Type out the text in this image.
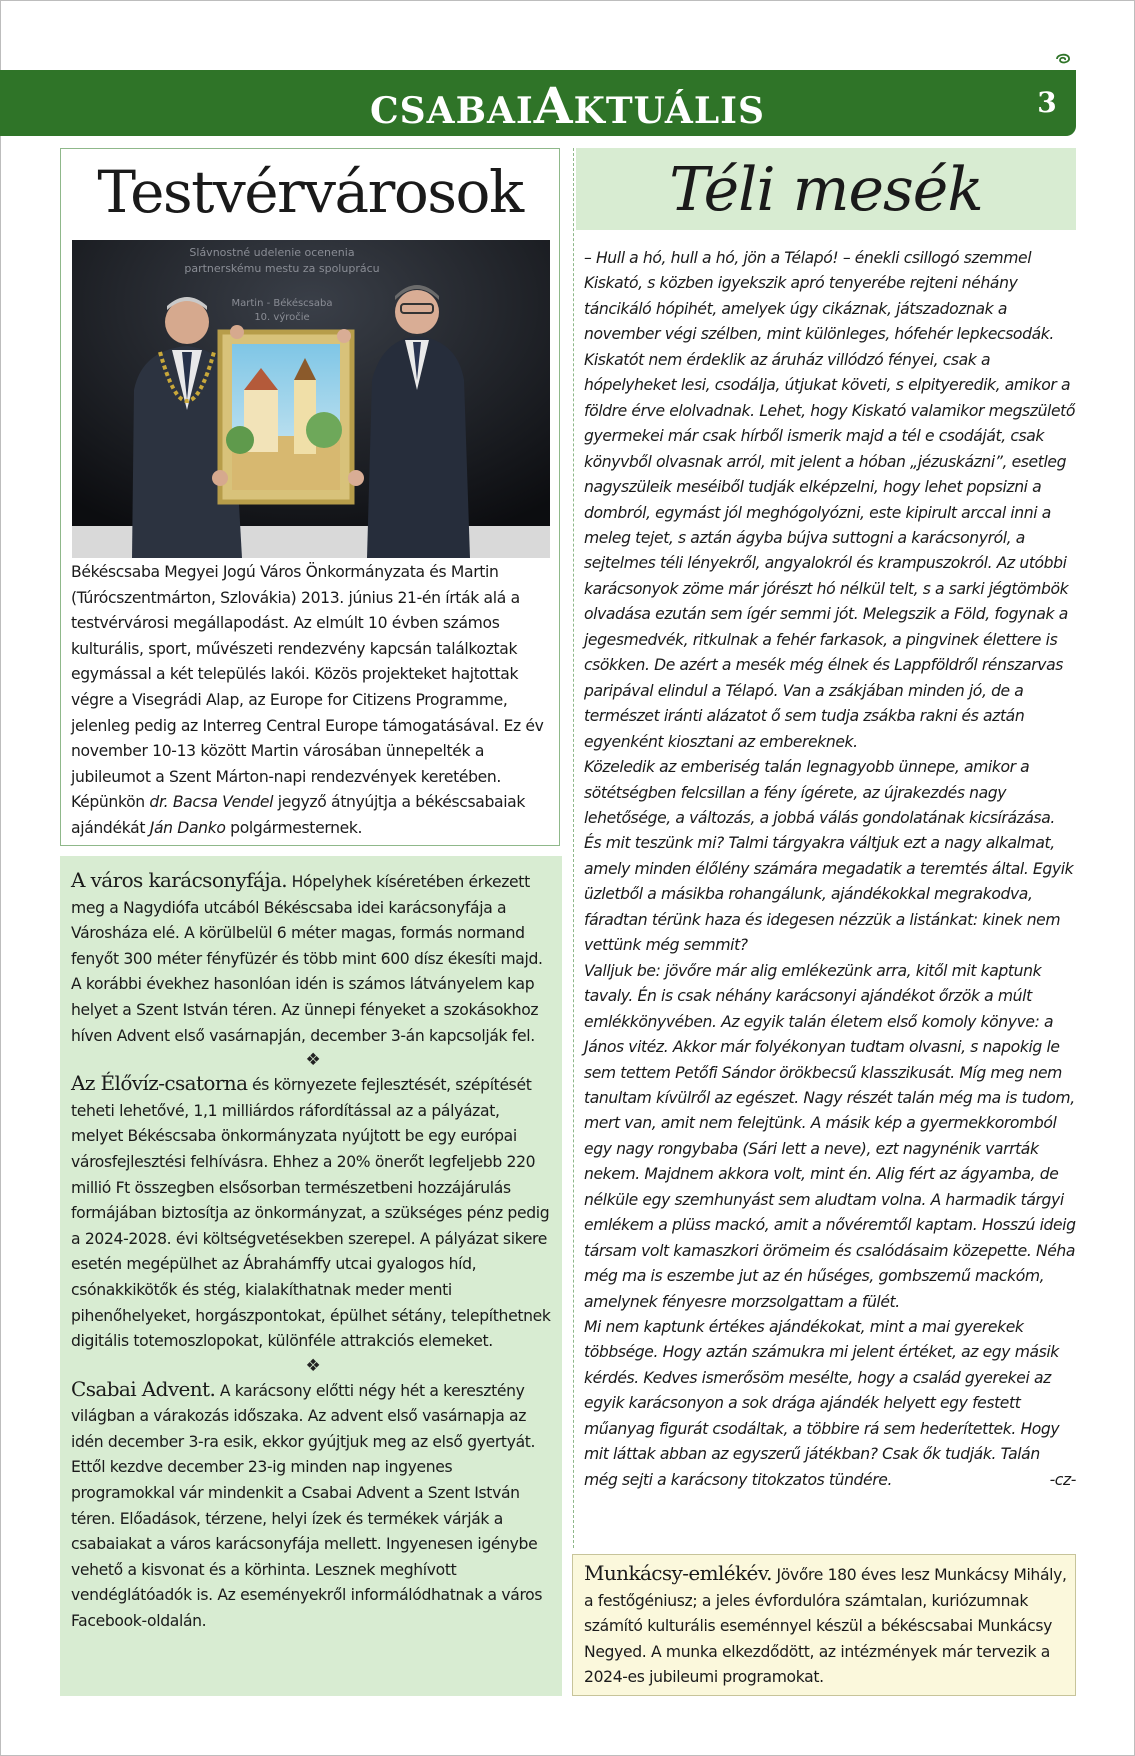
CSABAIAKTUÁLIS	3
Testvérvárosok
Slávnostné udelenie ocenenia
partnerskému mestu za spoluprácu
Martin - Békéscsaba
10. výročie
Békéscsaba Megyei Jogú Város Önkormányzata és Martin (Túrócszentmárton, Szlovákia) 2013. június 21-én írták alá a testvérvárosi megállapodást. Az elmúlt 10 évben számos kulturális, sport, művészeti rendezvény kapcsán találkoztak egymással a két település lakói. Közös projekteket hajtottak végre a Visegrádi Alap, az Europe for Citizens Programme, jelenleg pedig az Interreg Central Europe támogatásával. Ez év november 10-13 között Martin városában ünnepelték a jubileumot a Szent Márton-napi rendezvények keretében. Képünkön dr. Bacsa Vendel jegyző átnyújtja a békéscsabaiak ajándékát Ján Danko polgármesternek.

A város karácsonyfája. Hópelyhek kíséretében érkezett meg a Nagydiófa utcából Békéscsaba idei karácsonyfája a Városháza elé. A körülbelül 6 méter magas, formás normand fenyőt 300 méter fényfüzér és több mint 600 dísz ékesíti majd. A korábbi évekhez hasonlóan idén is számos látványelem kap helyet a Szent István téren. Az ünnepi fényeket a szokásokhoz híven Advent első vasárnapján, december 3-án kapcsolják fel.

❖

Az Élővíz-csatorna és környezete fejlesztését, szépítését teheti lehetővé, 1,1 milliárdos ráfordítással az a pályázat, melyet Békéscsaba önkormányzata nyújtott be egy európai városfejlesztési felhívásra. Ehhez a 20% önerőt legfeljebb 220 millió Ft összegben elsősorban természetbeni hozzájárulás formájában biztosítja az önkormányzat, a szükséges pénz pedig a 2024-2028. évi költségvetésekben szerepel. A pályázat sikere esetén megépülhet az Ábrahámffy utcai gyalogos híd, csónakkikötők és stég, kialakíthatnak meder menti pihenőhelyeket, horgászpontokat, épülhet sétány, telepíthetnek digitális totemoszlopokat, különféle attrakciós elemeket.

❖

Csabai Advent. A karácsony előtti négy hét a keresztény világban a várakozás időszaka. Az advent első vasárnapja az idén december 3-ra esik, ekkor gyújtjuk meg az első gyertyát. Ettől kezdve december 23-ig minden nap ingyenes programokkal vár mindenkit a Csabai Advent a Szent István téren. Előadások, térzene, helyi ízek és termékek várják a csabaiakat a város karácsonyfája mellett. Ingyenesen igénybe vehető a kisvonat és a körhinta. Lesznek meghívott vendéglátóadók is. Az eseményekről informálódhatnak a város Facebook-oldalán.

Téli mesék

– Hull a hó, hull a hó, jön a Télapó! – énekli csillogó szemmel Kiskató, s közben igyekszik apró tenyerébe rejteni néhány táncikáló hópihét, amelyek úgy cikáznak, játszadoznak a november végi szélben, mint különleges, hófehér lepkecsodák. Kiskatót nem érdeklik az áruház villódzó fényei, csak a hópelyheket lesi, csodálja, útjukat követi, s elpityeredik, amikor a földre érve elolvadnak. Lehet, hogy Kiskató valamikor megszülető gyermekei már csak hírből ismerik majd a tél e csodáját, csak könyvből olvasnak arról, mit jelent a hóban „jézuskázni”, esetleg nagyszüleik meséiből tudják elképzelni, hogy lehet popsizni a dombról, egymást jól meghógolyózni, este kipirult arccal inni a meleg tejet, s aztán ágyba bújva suttogni a karácsonyról, a sejtelmes téli lényekről, angyalokról és krampuszokról. Az utóbbi karácsonyok zöme már jórészt hó nélkül telt, s a sarki jégtömbök olvadása ezután sem ígér semmi jót. Melegszik a Föld, fogynak a jegesmedvék, ritkulnak a fehér farkasok, a pingvinek élettere is csökken. De azért a mesék még élnek és Lappföldről rénszarvas paripával elindul a Télapó. Van a zsákjában minden jó, de a természet iránti alázatot ő sem tudja zsákba rakni és aztán egyenként kiosztani az embereknek.

Közeledik az emberiség talán legnagyobb ünnepe, amikor a sötétségben felcsillan a fény ígérete, az újrakezdés nagy lehetősége, a változás, a jobbá válás gondolatának kicsírázása. És mit teszünk mi? Talmi tárgyakra váltjuk ezt a nagy alkalmat, amely minden élőlény számára megadatik a teremtés által. Egyik üzletből a másikba rohangálunk, ajándékokkal megrakodva, fáradtan térünk haza és idegesen nézzük a listánkat: kinek nem vettünk még semmit?

Valljuk be: jövőre már alig emlékezünk arra, kitől mit kaptunk tavaly. Én is csak néhány karácsonyi ajándékot őrzök a múlt emlékkönyvében. Az egyik talán életem első komoly könyve: a János vitéz. Akkor már folyékonyan tudtam olvasni, s napokig le sem tettem Petőfi Sándor örökbecsű klasszikusát. Míg meg nem tanultam kívülről az egészet. Nagy részét talán még ma is tudom, mert van, amit nem felejtünk. A másik kép a gyermekkoromból egy nagy rongybaba (Sári lett a neve), ezt nagynénik varrták nekem. Majdnem akkora volt, mint én. Alig fért az ágyamba, de nélküle egy szemhunyást sem aludtam volna. A harmadik tárgyi emlékem a plüss mackó, amit a nővéremtől kaptam. Hosszú ideig társam volt kamaszkori örömeim és csalódásaim közepette. Néha még ma is eszembe jut az én hűséges, gombszemű mackóm, amelynek fényesre morzsolgattam a fülét.

Mi nem kaptunk értékes ajándékokat, mint a mai gyerekek többsége. Hogy aztán számukra mi jelent értéket, az egy másik kérdés. Kedves ismerősöm mesélte, hogy a család gyerekei az egyik karácsonyon a sok drága ajándék helyett egy festett műanyag figurát csodáltak, a többire rá sem hederítettek. Hogy mit láttak abban az egyszerű játékban? Csak ők tudják. Talán még sejti a karácsony titokzatos tündére.	-cz-

Munkácsy-emlékév. Jövőre 180 éves lesz Munkácsy Mihály, a festőgéniusz; a jeles évfordulóra számtalan, kuriózumnak számító kulturális eseménnyel készül a békéscsabai Munkácsy Negyed. A munka elkezdődött, az intézmények már tervezik a 2024-es jubileumi programokat.
